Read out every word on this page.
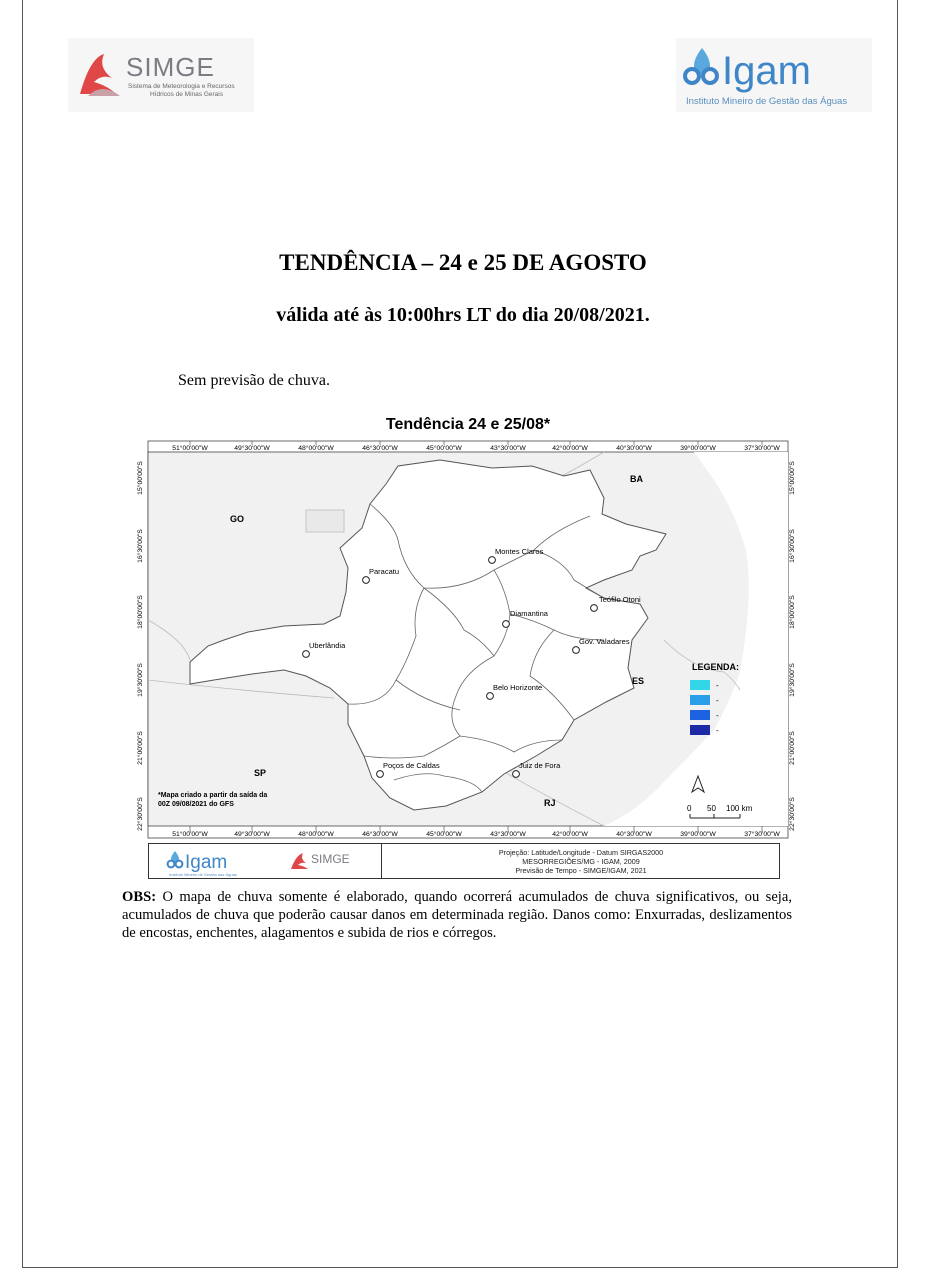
SIMGE
Sistema de Meteorologia e Recursos
Hídricos de Minas Gerais
Igam
Instituto Mineiro de Gestão das Águas
TENDÊNCIA – 24 e 25 DE AGOSTO
válida até às 10:00hrs LT do dia 20/08/2021.
Sem previsão de chuva.
Tendência 24 e 25/08*
51°00'00"W	49°30'00"W	48°00'00"W	46°30'00"W	45°00'00"W	43°30'00"W	42°00'00"W	40°30'00"W	39°00'00"W	37°30'00"W
51°00'00"W	49°30'00"W	48°00'00"W	46°30'00"W	45°00'00"W	43°30'00"W	42°00'00"W	40°30'00"W	39°00'00"W	37°30'00"W
15°00'00"S
16°30'00"S
18°00'00"S
19°30'00"S
21°00'00"S
22°30'00"S
15°00'00"S
16°30'00"S
18°00'00"S
19°30'00"S
21°00'00"S
22°30'00"S
GO
BA
ES
SP
RJ
Montes Claros
Paracatu
Teófilo Otoni
Diamantina
Gov. Valadares
Uberlândia
Belo Horizonte
Poços de Caldas	Juiz de Fora
LEGENDA:
-
-
-
-
*Mapa criado a partir da saída da
00Z 09/08/2021 do GFS	0 50 100 km
Igam
Instituto Mineiro de Gestão das Águas
SIMGE	Projeção: Latitude/Longitude - Datum SIRGAS2000
MESORREGIÕES/MG - IGAM, 2009
Previsão de Tempo - SIMGE/IGAM, 2021
OBS: O mapa de chuva somente é elaborado, quando ocorrerá acumulados de chuva significativos, ou seja, acumulados de chuva que poderão causar danos em determinada região. Danos como: Enxurradas, deslizamentos de encostas, enchentes, alagamentos e subida de rios e córregos.
